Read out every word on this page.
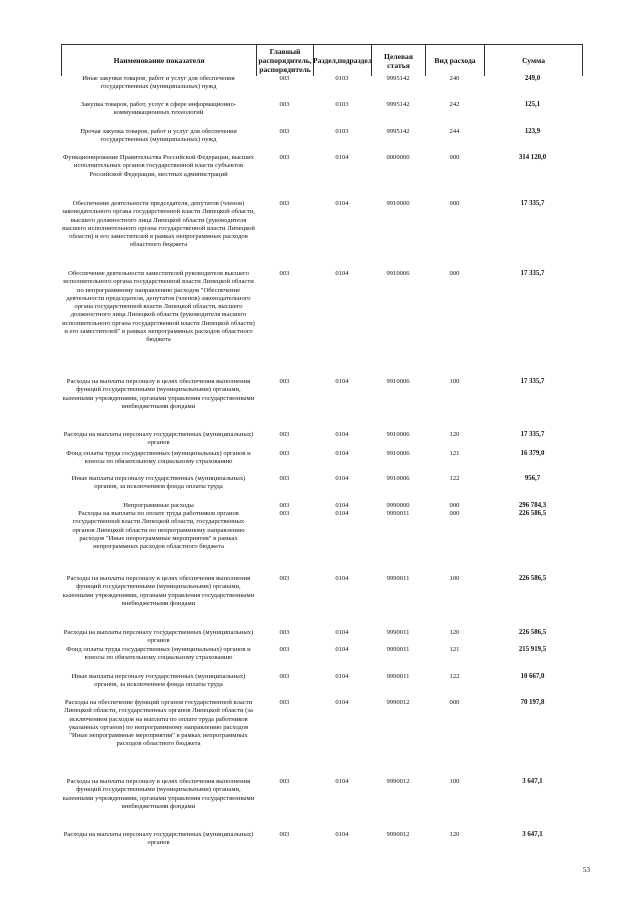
Наименование показателя
Главный распорядитель, распорядитель
Раздел,подраздел	Целевая статья	Вид расхода	Сумма
Иные закупки товаров, работ и услуг для обеспечения государственных (муниципальных) нужд
003	0103	9995142	240	249,0
Закупка товаров, работ, услуг в сфере информационно-коммуникационных технологий
003	0103	9995142	242	125,1
Прочая закупка товаров, работ и услуг для обеспечения государственных (муниципальных) нужд
003	0103	9995142	244	123,9
Функционирование Правительства Российской Федерации, высших исполнительных органов государственной власти субъектов Российской Федерации, местных администраций
003	0104	0000000	000	314 120,0
Обеспечение деятельности председателя, депутатов (членов) законодательного органа государственной власти Липецкой области, высшего должностного лица Липецкой области (руководителя высшего исполнительного органа государственной власти Липецкой области) и его заместителей в рамках непрограммных расходов областного бюджета
003	0104	9910000	000	17 335,7
Обеспечение деятельности заместителей руководителя высшего исполнительного органа государственной власти Липецкой области по непрограммному направлению расходов "Обеспечение деятельности председателя, депутатов (членов) законодательного органа государственной власти Липецкой области, высшего должностного лица Липецкой области (руководителя высшего исполнительного органа государственной власти Липецкой области) и его заместителей" в рамках непрограммных расходов областного бюджета
003	0104	9910006	000	17 335,7
Расходы на выплаты персоналу в целях обеспечения выполнения функций государственными (муниципальными) органами, казенными учреждениями, органами управления государственными внебюджетными фондами
003	0104	9910006	100	17 335,7
Расходы на выплаты персоналу государственных (муниципальных) органов
003	0104	9910006	120	17 335,7
Фонд оплаты труда государственных (муниципальных) органов и взносы по обязательному социальному страхованию
003	0104	9910006	121	16 379,0
Иные выплаты персоналу государственных (муниципальных) органов, за исключением фонда оплаты труда
003	0104	9910006	122	956,7
Непрограммные расходы	003	0104	9990000	000	296 784,3
Расходы на выплаты по оплате труда работников органов государственной власти Липецкой области, государственных органов Липецкой области по непрограммному направлению расходов "Иные непрограммные мероприятия" в рамках непрограммных расходов областного бюджета
003	0104	9990011	000	226 586,5
Расходы на выплаты персоналу в целях обеспечения выполнения функций государственными (муниципальными) органами, казенными учреждениями, органами управления государственными внебюджетными фондами
003	0104	9990011	100	226 586,5
Расходы на выплаты персоналу государственных (муниципальных) органов
003	0104	9990011	120	226 586,5
Фонд оплаты труда государственных (муниципальных) органов и взносы по обязательному социальному страхованию
003	0104	9990011	121	215 919,5
Иные выплаты персоналу государственных (муниципальных) органов, за исключением фонда оплаты труда
003	0104	9990011	122	10 667,0
Расходы на обеспечение функций органов государственной власти Липецкой области, государственных органов Липецкой области (за исключением расходов на выплаты по оплате труда работников указанных органов) по непрограммному направлению расходов "Иные непрограммные мероприятия" в рамках непрограммных расходов областного бюджета
003	0104	9990012	000	70 197,8
Расходы на выплаты персоналу в целях обеспечения выполнения функций государственными (муниципальными) органами, казенными учреждениями, органами управления государственными внебюджетными фондами
003	0104	9990012	100	3 647,1
Расходы на выплаты персоналу государственных (муниципальных) органов
003	0104	9990012	120	3 647,1
53
